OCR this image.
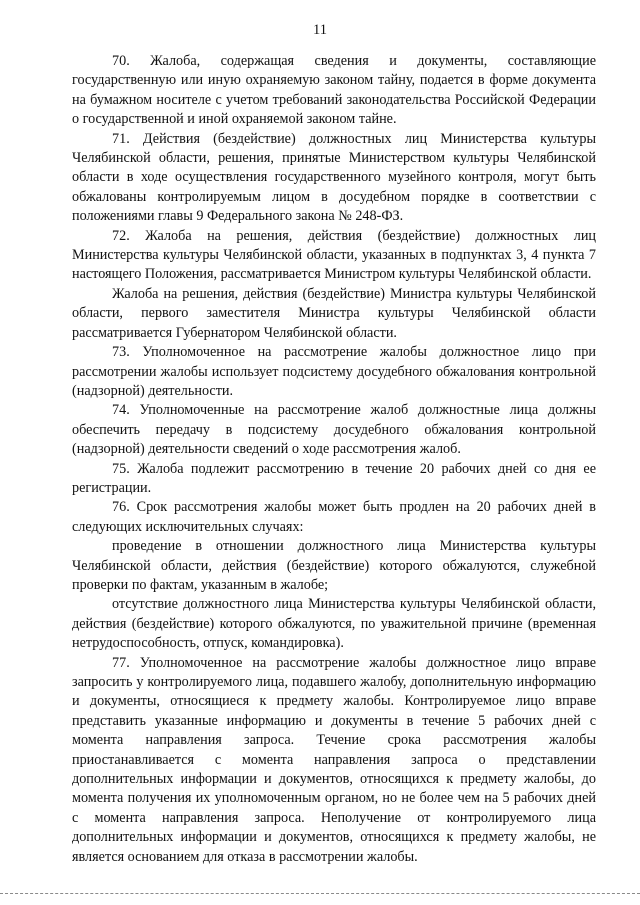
11

70. Жалоба, содержащая сведения и документы, составляющие государственную или иную охраняемую законом тайну, подается в форме документа на бумажном носителе с учетом требований законодательства Российской Федерации о государственной и иной охраняемой законом тайне.

71. Действия (бездействие) должностных лиц Министерства культуры Челябинской области, решения, принятые Министерством культуры Челябинской области в ходе осуществления государственного музейного контроля, могут быть обжалованы контролируемым лицом в досудебном порядке в соответствии с положениями главы 9 Федерального закона № 248-ФЗ.

72. Жалоба на решения, действия (бездействие) должностных лиц Министерства культуры Челябинской области, указанных в подпунктах 3, 4 пункта 7 настоящего Положения, рассматривается Министром культуры Челябинской области.

Жалоба на решения, действия (бездействие) Министра культуры Челябинской области, первого заместителя Министра культуры Челябинской области рассматривается Губернатором Челябинской области.

73. Уполномоченное на рассмотрение жалобы должностное лицо при рассмотрении жалобы использует подсистему досудебного обжалования контрольной (надзорной) деятельности.

74. Уполномоченные на рассмотрение жалоб должностные лица должны обеспечить передачу в подсистему досудебного обжалования контрольной (надзорной) деятельности сведений о ходе рассмотрения жалоб.

75. Жалоба подлежит рассмотрению в течение 20 рабочих дней со дня ее регистрации.

76. Срок рассмотрения жалобы может быть продлен на 20 рабочих дней в следующих исключительных случаях:

проведение в отношении должностного лица Министерства культуры Челябинской области, действия (бездействие) которого обжалуются, служебной проверки по фактам, указанным в жалобе;

отсутствие должностного лица Министерства культуры Челябинской области, действия (бездействие) которого обжалуются, по уважительной причине (временная нетрудоспособность, отпуск, командировка).

77. Уполномоченное на рассмотрение жалобы должностное лицо вправе запросить у контролируемого лица, подавшего жалобу, дополнительную информацию и документы, относящиеся к предмету жалобы. Контролируемое лицо вправе представить указанные информацию и документы в течение 5 рабочих дней с момента направления запроса. Течение срока рассмотрения жалобы приостанавливается с момента направления запроса о представлении дополнительных информации и документов, относящихся к предмету жалобы, до момента получения их уполномоченным органом, но не более чем на 5 рабочих дней с момента направления запроса. Неполучение от контролируемого лица дополнительных информации и документов, относящихся к предмету жалобы, не является основанием для отказа в рассмотрении жалобы.
